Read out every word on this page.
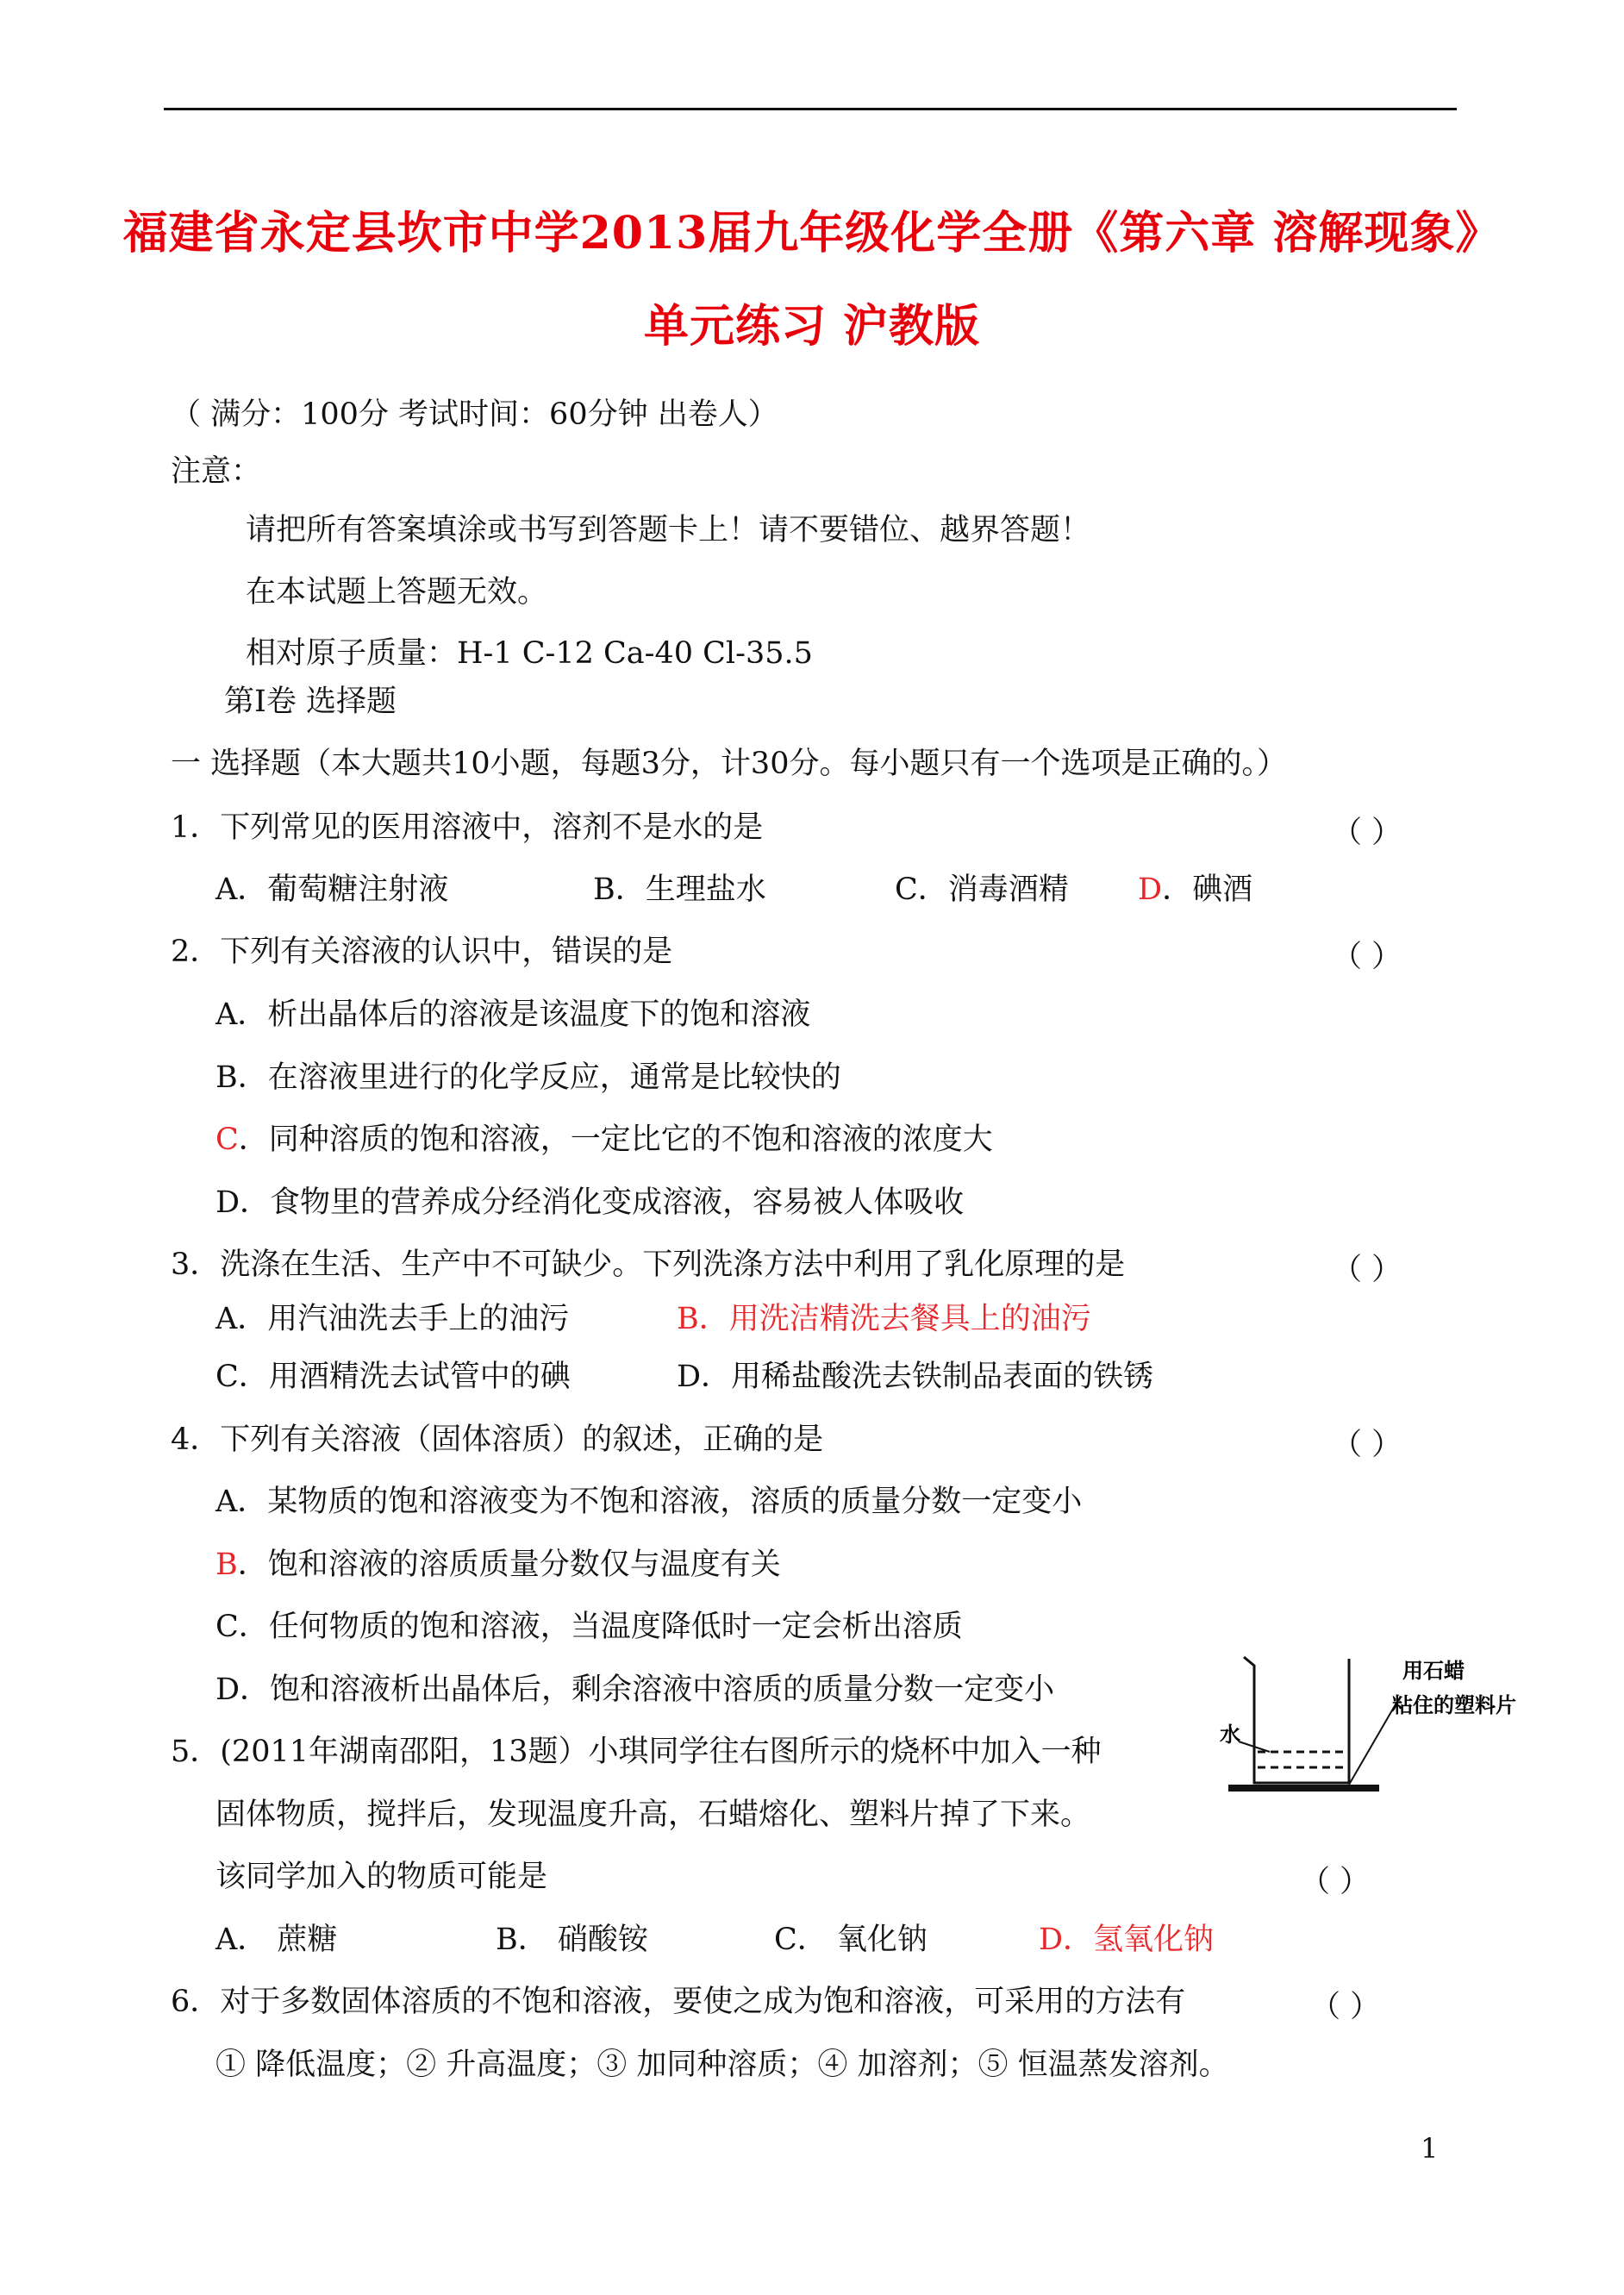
福建省永定县坎市中学2013届九年级化学全册《第六章 溶解现象》
单元练习 沪教版
（ 满分：100分 考试时间：60分钟 出卷人）
注意：
请把所有答案填涂或书写到答题卡上！请不要错位、越界答题！
在本试题上答题无效。
相对原子质量：H-1 C-12 Ca-40 Cl-35.5
第Ⅰ卷 选择题
一 选择题（本大题共10小题，每题3分，计30分。每小题只有一个选项是正确的。）
1．下列常见的医用溶液中，溶剂不是水的是	（ ）
A．葡萄糖注射液	B．生理盐水	C．消毒酒精 D．碘酒
2．下列有关溶液的认识中，错误的是	（ ）
A．析出晶体后的溶液是该温度下的饱和溶液
B．在溶液里进行的化学反应，通常是比较快的
C．同种溶质的饱和溶液，一定比它的不饱和溶液的浓度大
D．食物里的营养成分经消化变成溶液，容易被人体吸收
3．洗涤在生活、生产中不可缺少。下列洗涤方法中利用了乳化原理的是	（ ）
A．用汽油洗去手上的油污	B．用洗洁精洗去餐具上的油污
C．用酒精洗去试管中的碘	D．用稀盐酸洗去铁制品表面的铁锈
4．下列有关溶液（固体溶质）的叙述，正确的是	（ ）
A．某物质的饱和溶液变为不饱和溶液，溶质的质量分数一定变小
B．饱和溶液的溶质质量分数仅与温度有关
C．任何物质的饱和溶液，当温度降低时一定会析出溶质
D．饱和溶液析出晶体后，剩余溶液中溶质的质量分数一定变小
水
用石蜡
粘住的塑料片
5．(2011年湖南邵阳，13题）小琪同学往右图所示的烧杯中加入一种
固体物质，搅拌后，发现温度升高，石蜡熔化、塑料片掉了下来。
该同学加入的物质可能是	（ ）
A． 蔗糖	B． 硝酸铵	C． 氧化钠	D．氢氧化钠
6．对于多数固体溶质的不饱和溶液，要使之成为饱和溶液，可采用的方法有	（ ）
① 降低温度；② 升高温度；③ 加同种溶质；④ 加溶剂；⑤ 恒温蒸发溶剂。
1
